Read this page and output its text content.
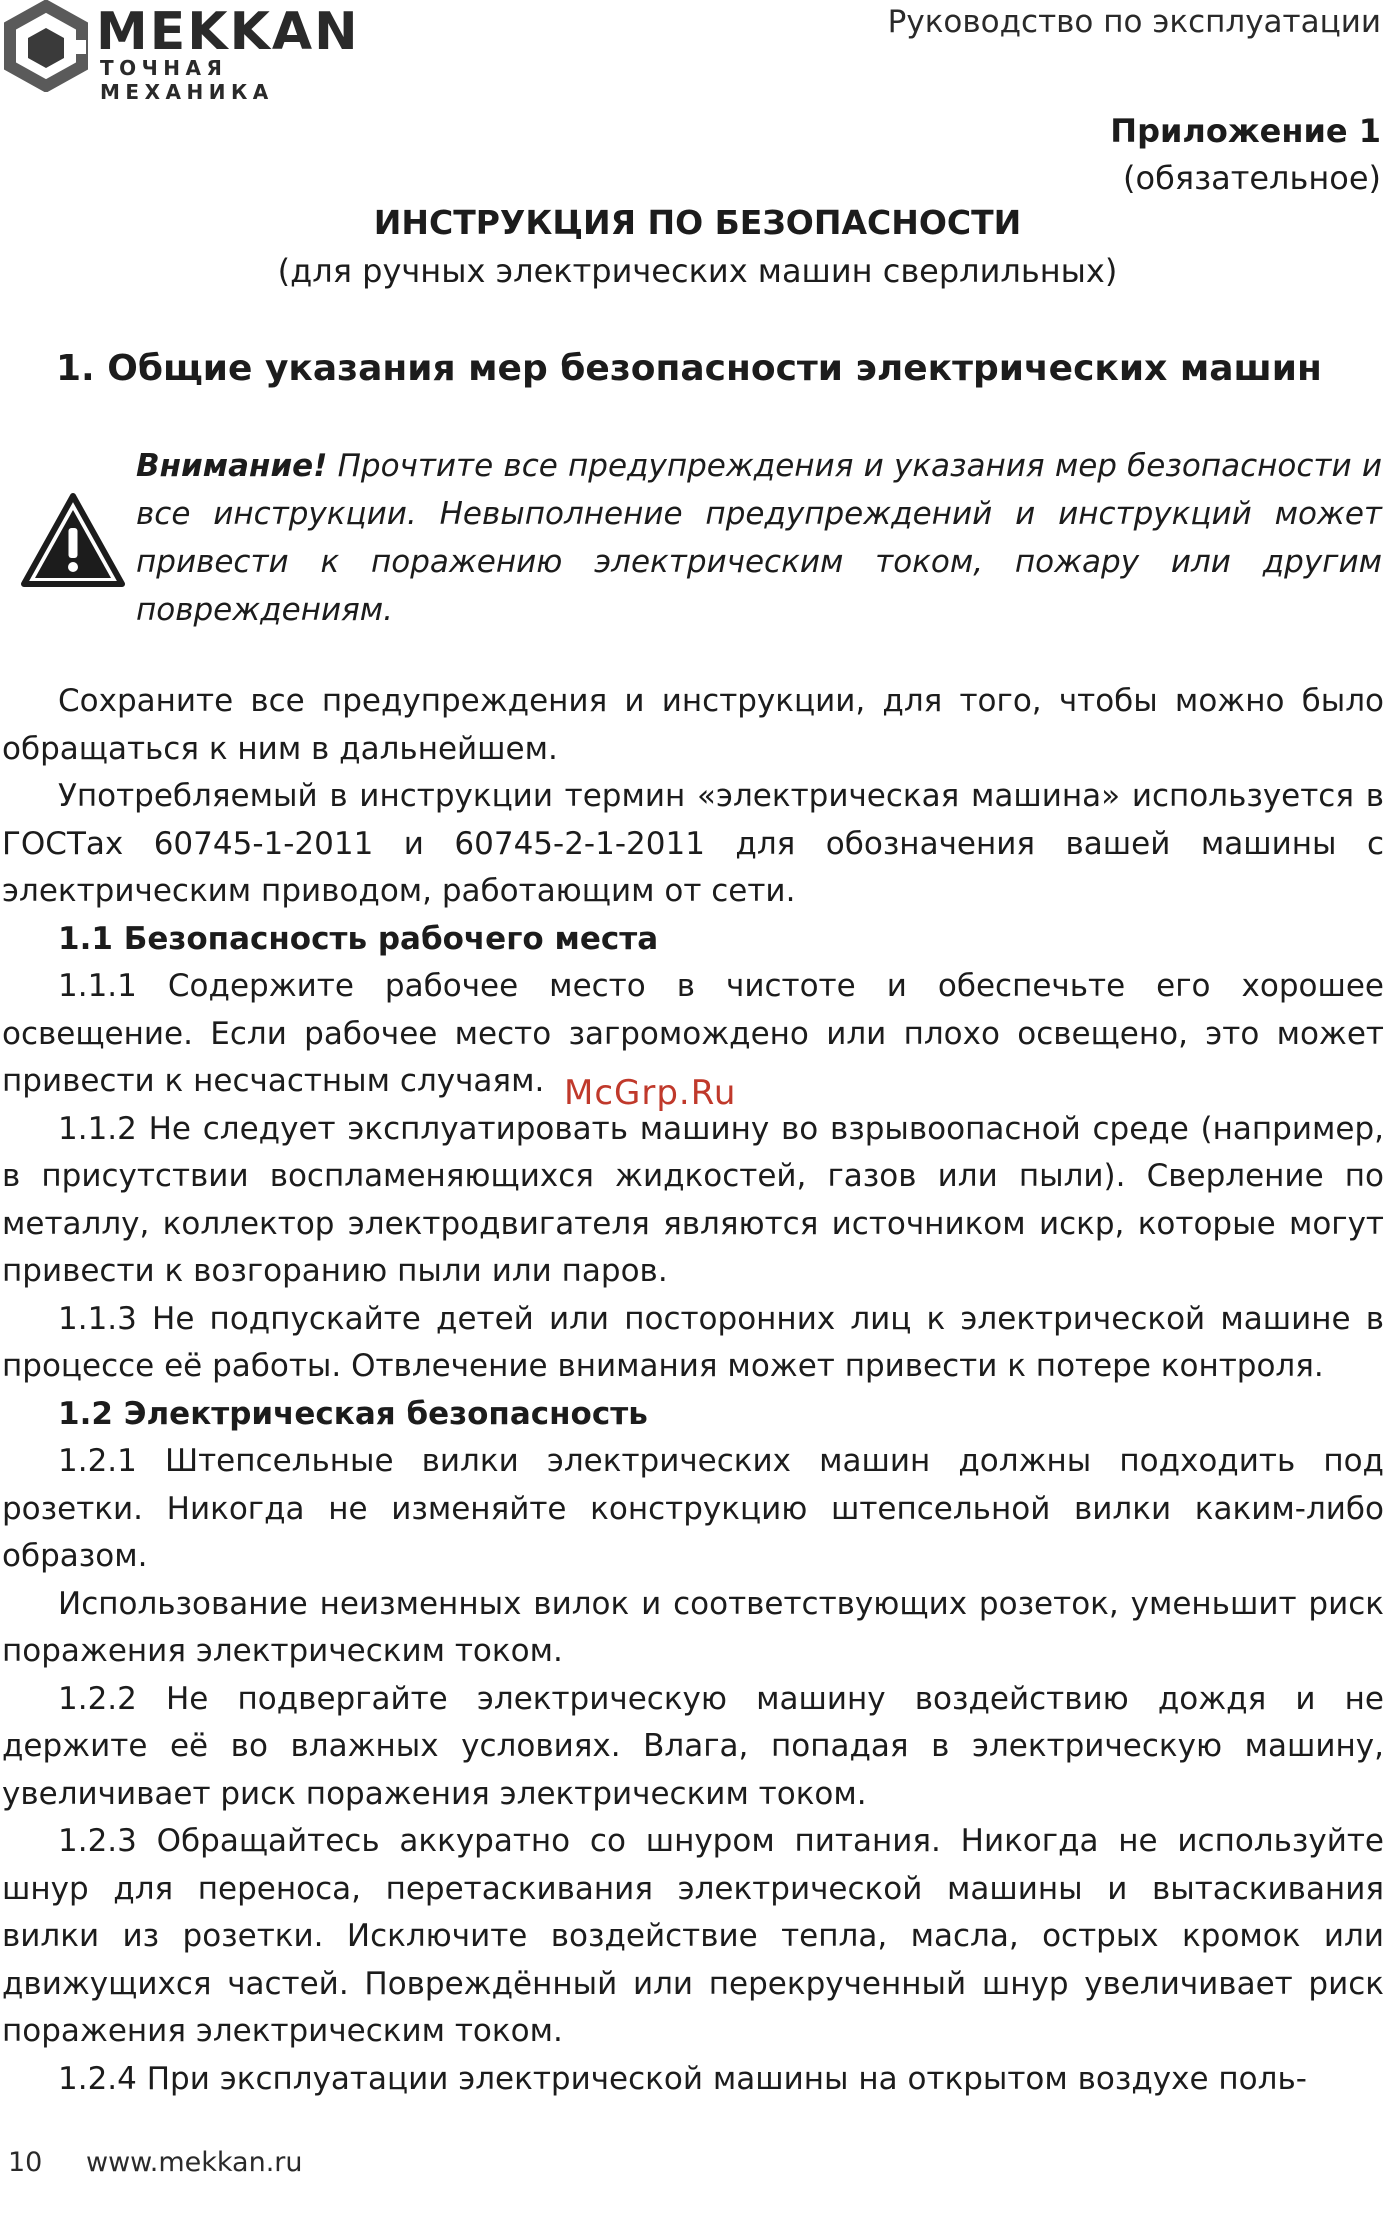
MEKKAN
ТОЧНАЯ МЕХАНИКА
Руководство по эксплуатации
Приложение 1
(обязательное)
ИНСТРУКЦИЯ ПО БЕЗОПАСНОСТИ
(для ручных электрических машин сверлильных)
1. Общие указания мер безопасности электрических машин
Внимание! Прочтите все предупреждения и указания мер безопасности и все инструкции. Невыполнение предупреждений и инструкций может привести к поражению электрическим током, пожару или другим повреждениям.

Сохраните все предупреждения и инструкции, для того, чтобы можно было обращаться к ним в дальнейшем.

Употребляемый в инструкции термин «электрическая машина» используется в ГОСТах 60745-1-2011 и 60745-2-1-2011 для обозначения вашей машины с электрическим приводом, работающим от сети.

1.1 Безопасность рабочего места

1.1.1 Содержите рабочее место в чистоте и обеспечьте его хорошее освещение. Если рабочее место загромождено или плохо освещено, это может привести к несчастным случаям.

1.1.2 Не следует эксплуатировать машину во взрывоопасной среде (например, в присутствии воспламеняющихся жидкостей, газов или пыли). Сверление по металлу, коллектор электродвигателя являются источником искр, которые могут привести к возгоранию пыли или паров.

1.1.3 Не подпускайте детей или посторонних лиц к электрической машине в процессе её работы. Отвлечение внимания может привести к потере контроля.

1.2 Электрическая безопасность

1.2.1 Штепсельные вилки электрических машин должны подходить под розетки. Никогда не изменяйте конструкцию штепсельной вилки каким-либо образом.

Использование неизменных вилок и соответствующих розеток, уменьшит риск поражения электрическим током.

1.2.2 Не подвергайте электрическую машину воздействию дождя и не держите её во влажных условиях. Влага, попадая в электрическую машину, увеличивает риск поражения электрическим током.

1.2.3 Обращайтесь аккуратно со шнуром питания. Никогда не используйте шнур для переноса, перетаскивания электрической машины и вытаскивания вилки из розетки. Исключите воздействие тепла, масла, острых кромок или движущихся частей. Повреждённый или перекрученный шнур увеличивает риск поражения электрическим током.

1.2.4 При эксплуатации электрической машины на открытом воздухе поль-

McGrp.Ru
10 www.mekkan.ru
